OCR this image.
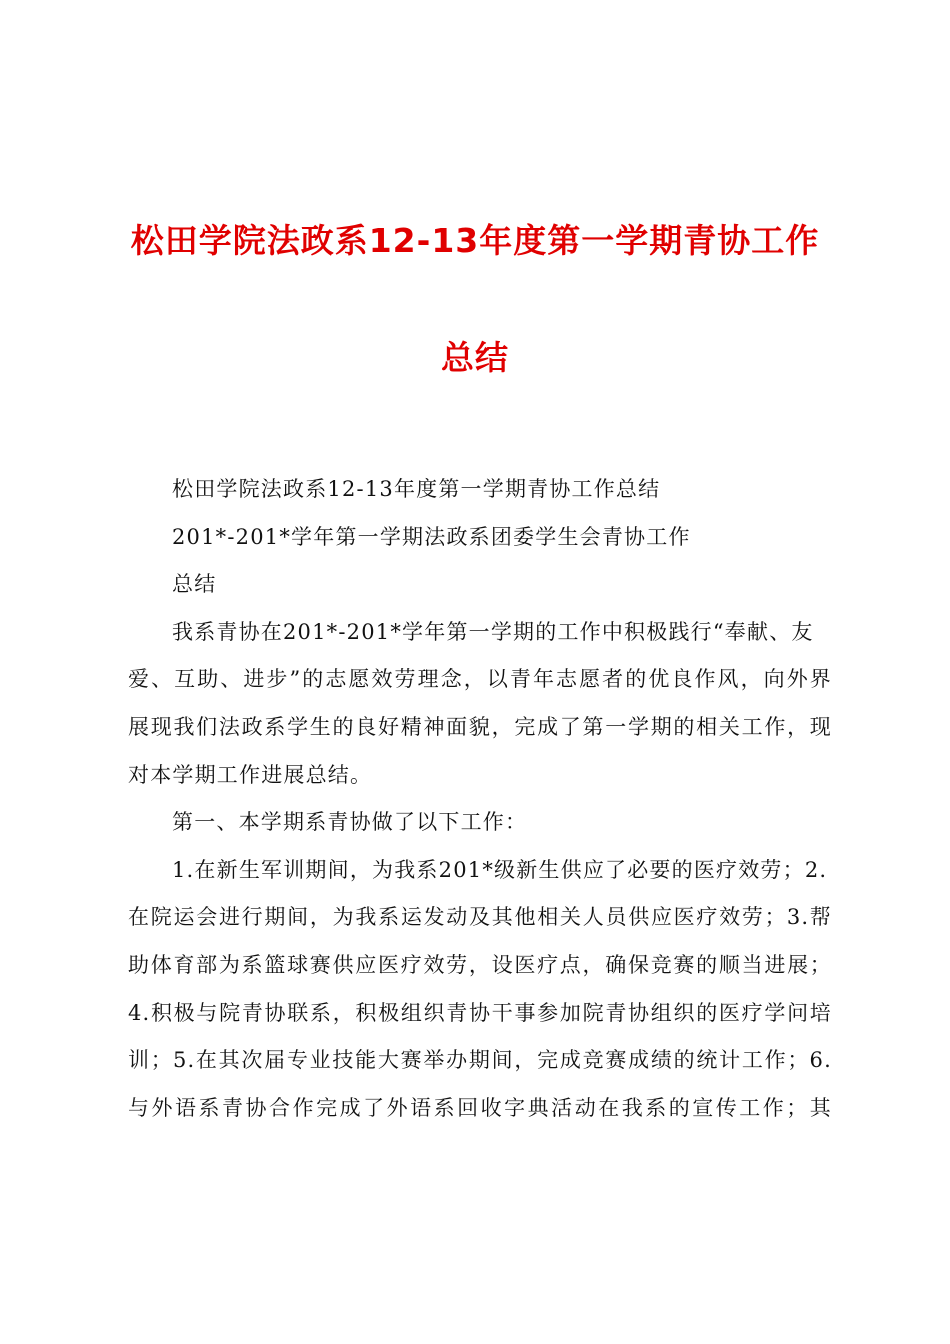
松田学院法政系12-13年度第一学期青协工作
总结
松田学院法政系12-13年度第一学期青协工作总结
201*-201*学年第一学期法政系团委学生会青协工作
总结
我系青协在201*-201*学年第一学期的工作中积极践行“奉献、友
爱、互助、进步”的志愿效劳理念，以青年志愿者的优良作风，向外界
展现我们法政系学生的良好精神面貌，完成了第一学期的相关工作，现
对本学期工作进展总结。
第一、本学期系青协做了以下工作：
1.在新生军训期间，为我系201*级新生供应了必要的医疗效劳；2.
在院运会进行期间，为我系运发动及其他相关人员供应医疗效劳；3.帮
助体育部为系篮球赛供应医疗效劳，设医疗点，确保竞赛的顺当进展；
4.积极与院青协联系，积极组织青协干事参加院青协组织的医疗学问培
训；5.在其次届专业技能大赛举办期间，完成竞赛成绩的统计工作；6.
与外语系青协合作完成了外语系回收字典活动在我系的宣传工作；其
